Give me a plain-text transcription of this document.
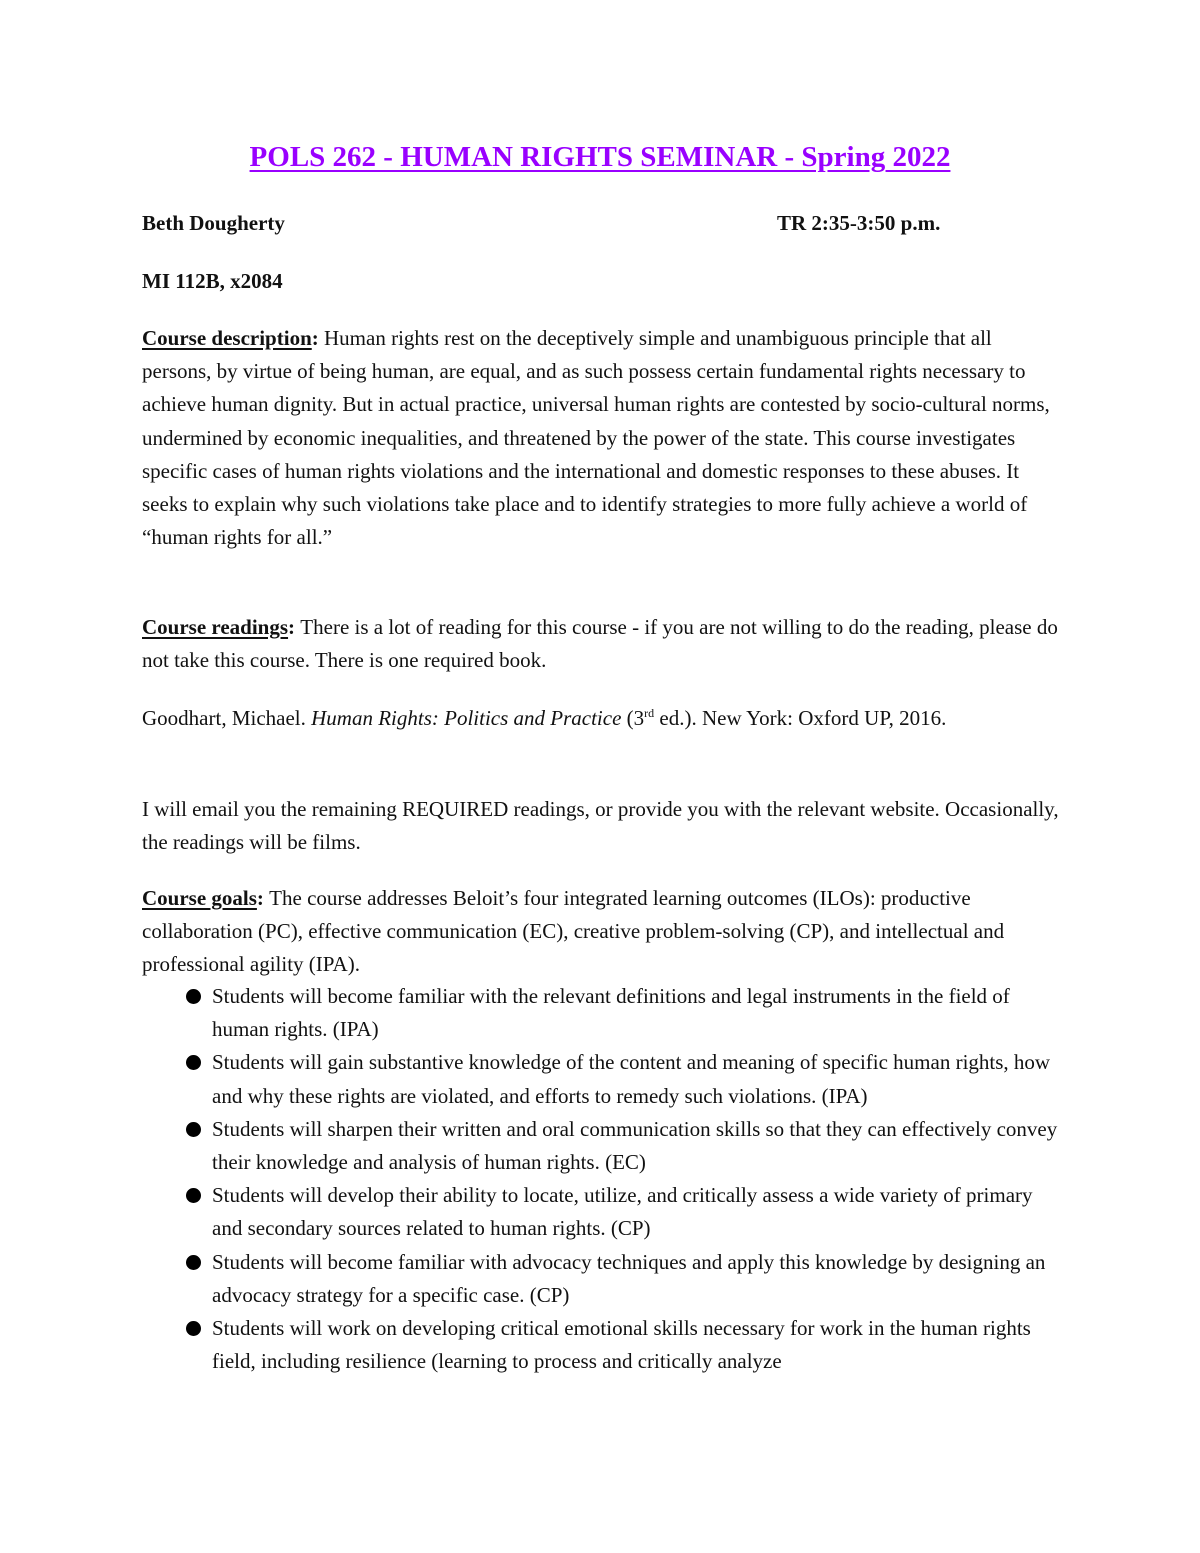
POLS 262 - HUMAN RIGHTS SEMINAR - Spring 2022
Beth Dougherty	TR 2:35-3:50 p.m.
MI 112B, x2084
Course description: Human rights rest on the deceptively simple and unambiguous principle that all persons, by virtue of being human, are equal, and as such possess certain fundamental rights necessary to achieve human dignity. But in actual practice, universal human rights are contested by socio-cultural norms, undermined by economic inequalities, and threatened by the power of the state. This course investigates specific cases of human rights violations and the international and domestic responses to these abuses. It seeks to explain why such violations take place and to identify strategies to more fully achieve a world of “human rights for all.”
Course readings: There is a lot of reading for this course - if you are not willing to do the reading, please do not take this course. There is one required book.
Goodhart, Michael. Human Rights: Politics and Practice (3rd ed.). New York: Oxford UP, 2016.
I will email you the remaining REQUIRED readings, or provide you with the relevant website. Occasionally, the readings will be films.
Course goals: The course addresses Beloit’s four integrated learning outcomes (ILOs): productive collaboration (PC), effective communication (EC), creative problem-solving (CP), and intellectual and professional agility (IPA).
Students will become familiar with the relevant definitions and legal instruments in the field of human rights. (IPA)
Students will gain substantive knowledge of the content and meaning of specific human rights, how and why these rights are violated, and efforts to remedy such violations. (IPA)
Students will sharpen their written and oral communication skills so that they can effectively convey their knowledge and analysis of human rights. (EC)
Students will develop their ability to locate, utilize, and critically assess a wide variety of primary and secondary sources related to human rights. (CP)
Students will become familiar with advocacy techniques and apply this knowledge by designing an advocacy strategy for a specific case. (CP)
Students will work on developing critical emotional skills necessary for work in the human rights field, including resilience (learning to process and critically analyze
